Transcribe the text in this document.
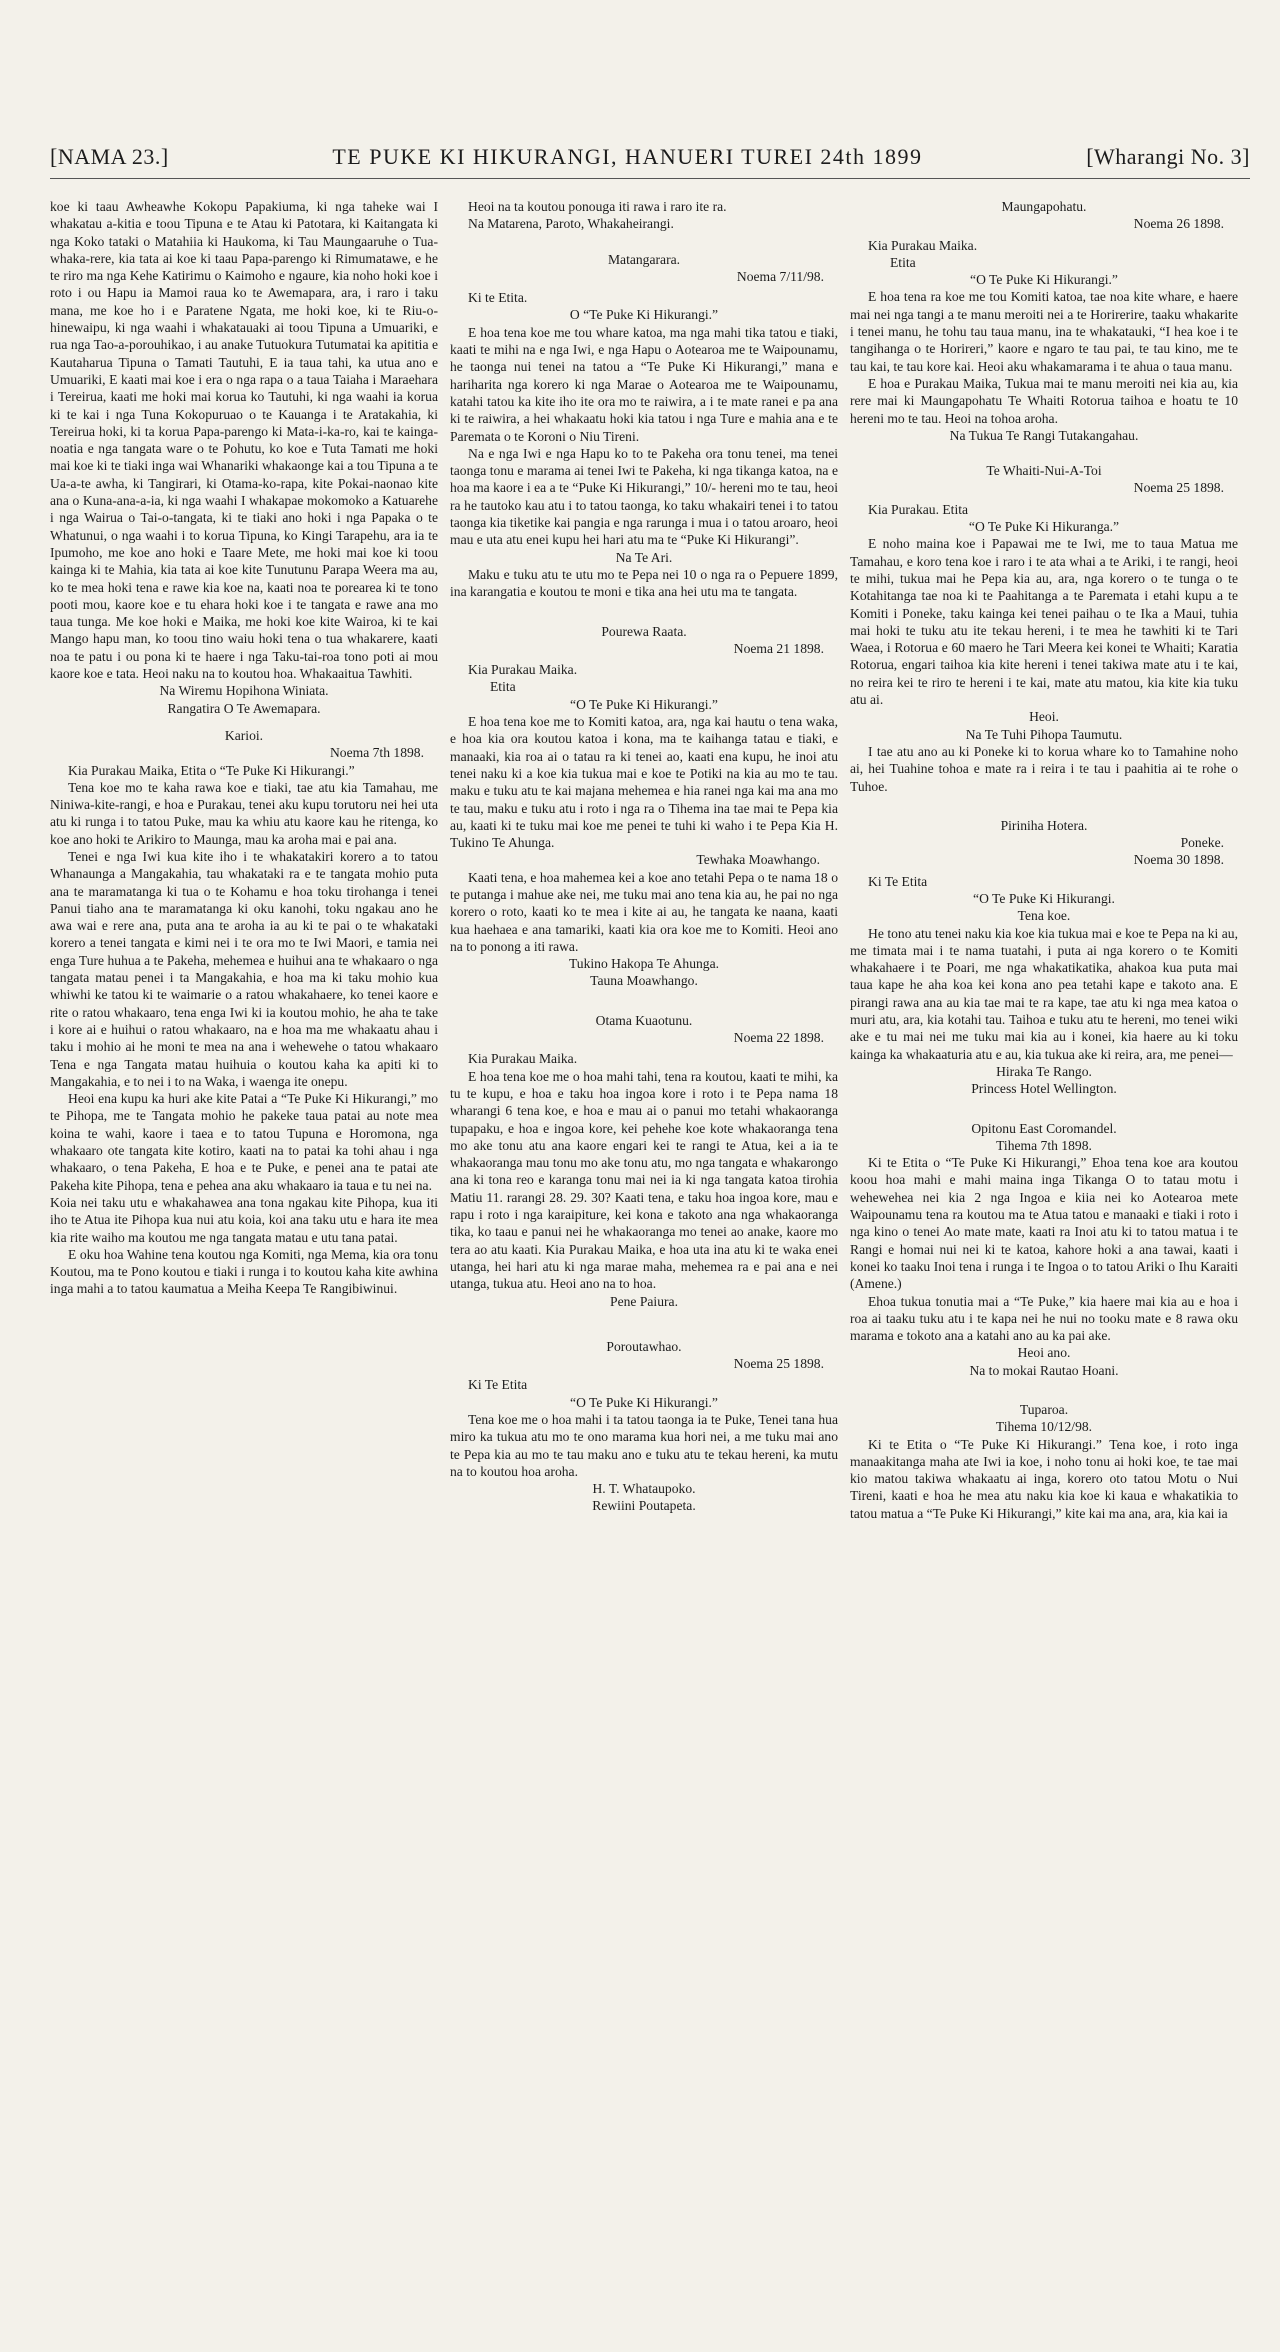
[NAMA 23.]	TE PUKE KI HIKURANGI, HANUERI TUREI 24th 1899	[Wharangi No. 3]

koe ki taau Awheawhe Kokopu Papakiuma, ki nga taheke wai I whakatau a-kitia e toou Tipuna e te Atau ki Patotara, ki Kaitangata ki nga Koko tataki o Matahiia ki Haukoma, ki Tau Maungaaruhe o Tua-whaka-rere, kia tata ai koe ki taau Papa-parengo ki Rimumatawe, e he te riro ma nga Kehe Katirimu o Kaimoho e ngaure, kia noho hoki koe i roto i ou Hapu ia Mamoi raua ko te Awemapara, ara, i raro i taku mana, me koe ho i e Paratene Ngata, me hoki koe, ki te Riu-o-hinewaipu, ki nga waahi i whakatauaki ai toou Tipuna a Umuariki, e rua nga Tao-a-porouhikao, i au anake Tutuokura Tutumatai ka apititia e Kautaharua Tipuna o Tamati Tautuhi, E ia taua tahi, ka utua ano e Umuariki, E kaati mai koe i era o nga rapa o a taua Taiaha i Maraehara i Tereirua, kaati me hoki mai korua ko Tautuhi, ki nga waahi ia korua ki te kai i nga Tuna Kokopuruao o te Kauanga i te Aratakahia, ki Tereirua hoki, ki ta korua Papa-parengo ki Mata-i-ka-ro, kai te kainga-noatia e nga tangata ware o te Pohutu, ko koe e Tuta Tamati me hoki mai koe ki te tiaki inga wai Whanariki whakaonge kai a tou Tipuna a te Ua-a-te awha, ki Tangirari, ki Otama-ko-rapa, kite Pokai-naonao kite ana o Kuna-ana-a-ia, ki nga waahi I whakapae mokomoko a Katuarehe i nga Wairua o Tai-o-tangata, ki te tiaki ano hoki i nga Papaka o te Whatunui, o nga waahi i to korua Tipuna, ko Kingi Tarapehu, ara ia te Ipumoho, me koe ano hoki e Taare Mete, me hoki mai koe ki toou kainga ki te Mahia, kia tata ai koe kite Tunutunu Parapa Weera ma au, ko te mea hoki tena e rawe kia koe na, kaati noa te porearea ki te tono pooti mou, kaore koe e tu ehara hoki koe i te tangata e rawe ana mo taua tunga. Me koe hoki e Maika, me hoki koe kite Wairoa, ki te kai Mango hapu man, ko toou tino waiu hoki tena o tua whakarere, kaati noa te patu i ou pona ki te haere i nga Taku-tai-roa tono poti ai mou kaore koe e tata. Heoi naku na to koutou hoa. Whakaaitua Tawhiti.

Na Wiremu Hopihona Winiata.

Rangatira O Te Awemapara.

Karioi.

Noema 7th 1898.

Kia Purakau Maika, Etita o “Te Puke Ki Hikurangi.”

Tena koe mo te kaha rawa koe e tiaki, tae atu kia Tamahau, me Niniwa-kite-rangi, e hoa e Purakau, tenei aku kupu torutoru nei hei uta atu ki runga i to tatou Puke, mau ka whiu atu kaore kau he ritenga, ko koe ano hoki te Arikiro to Maunga, mau ka aroha mai e pai ana.

Tenei e nga Iwi kua kite iho i te whakatakiri korero a to tatou Whanaunga a Mangakahia, tau whakataki ra e te tangata mohio puta ana te maramatanga ki tua o te Kohamu e hoa toku tirohanga i tenei Panui tiaho ana te maramatanga ki oku kanohi, toku ngakau ano he awa wai e rere ana, puta ana te aroha ia au ki te pai o te whakataki korero a tenei tangata e kimi nei i te ora mo te Iwi Maori, e tamia nei enga Ture huhua a te Pakeha, mehemea e huihui ana te whakaaro o nga tangata matau penei i ta Mangakahia, e hoa ma ki taku mohio kua whiwhi ke tatou ki te waimarie o a ratou whakahaere, ko tenei kaore e rite o ratou whakaaro, tena enga Iwi ki ia koutou mohio, he aha te take i kore ai e huihui o ratou whakaaro, na e hoa ma me whakaatu ahau i taku i mohio ai he moni te mea na ana i wehewehe o tatou whakaaro Tena e nga Tangata matau huihuia o koutou kaha ka apiti ki to Mangakahia, e to nei i to na Waka, i waenga ite onepu.

Heoi ena kupu ka huri ake kite Patai a “Te Puke Ki Hikurangi,” mo te Pihopa, me te Tangata mohio he pakeke taua patai au note mea koina te wahi, kaore i taea e to tatou Tupuna e Horomona, nga whakaaro ote tangata kite kotiro, kaati na to patai ka tohi ahau i nga whakaaro, o tena Pakeha, E hoa e te Puke, e penei ana te patai ate Pakeha kite Pihopa, tena e pehea ana aku whakaaro ia taua e tu nei na.

Koia nei taku utu e whakahawea ana tona ngakau kite Pihopa, kua iti iho te Atua ite Pihopa kua nui atu koia, koi ana taku utu e hara ite mea kia rite waiho ma koutou me nga tangata matau e utu tana patai.

E oku hoa Wahine tena koutou nga Komiti, nga Mema, kia ora tonu Koutou, ma te Pono koutou e tiaki i runga i to koutou kaha kite awhina inga mahi a to tatou kaumatua a Meiha Keepa Te Rangibiwinui.

Heoi na ta koutou ponouga iti rawa i raro ite ra.

Na Matarena, Paroto, Whakaheirangi.

Matangarara.

Noema 7/11/98.

Ki te Etita.

O “Te Puke Ki Hikurangi.”

E hoa tena koe me tou whare katoa, ma nga mahi tika tatou e tiaki, kaati te mihi na e nga Iwi, e nga Hapu o Aotearoa me te Waipounamu, he taonga nui tenei na tatou a “Te Puke Ki Hikurangi,” mana e hariharita nga korero ki nga Marae o Aotearoa me te Waipounamu, katahi tatou ka kite iho ite ora mo te raiwira, a i te mate ranei e pa ana ki te raiwira, a hei whakaatu hoki kia tatou i nga Ture e mahia ana e te Paremata o te Koroni o Niu Tireni.

Na e nga Iwi e nga Hapu ko to te Pakeha ora tonu tenei, ma tenei taonga tonu e marama ai tenei Iwi te Pakeha, ki nga tikanga katoa, na e hoa ma kaore i ea a te “Puke Ki Hikurangi,” 10/- hereni mo te tau, heoi ra he tautoko kau atu i to tatou taonga, ko taku whakairi tenei i to tatou taonga kia tiketike kai pangia e nga rarunga i mua i o tatou aroaro, heoi mau e uta atu enei kupu hei hari atu ma te “Puke Ki Hikurangi”.

Na Te Ari.

Maku e tuku atu te utu mo te Pepa nei 10 o nga ra o Pepuere 1899, ina karangatia e koutou te moni e tika ana hei utu ma te tangata.

Pourewa Raata.

Noema 21 1898.

Kia Purakau Maika.

Etita

“O Te Puke Ki Hikurangi.”

E hoa tena koe me to Komiti katoa, ara, nga kai hautu o tena waka, e hoa kia ora koutou katoa i kona, ma te kaihanga tatau e tiaki, e manaaki, kia roa ai o tatau ra ki tenei ao, kaati ena kupu, he inoi atu tenei naku ki a koe kia tukua mai e koe te Potiki na kia au mo te tau. maku e tuku atu te kai majana mehemea e hia ranei nga kai ma ana mo te tau, maku e tuku atu i roto i nga ra o Tihema ina tae mai te Pepa kia au, kaati ki te tuku mai koe me penei te tuhi ki waho i te Pepa Kia H. Tukino Te Ahunga.

Tewhaka Moawhango.

Kaati tena, e hoa mahemea kei a koe ano tetahi Pepa o te nama 18 o te putanga i mahue ake nei, me tuku mai ano tena kia au, he pai no nga korero o roto, kaati ko te mea i kite ai au, he tangata ke naana, kaati kua haehaea e ana tamariki, kaati kia ora koe me to Komiti. Heoi ano na to ponong a iti rawa.

Tukino Hakopa Te Ahunga.

Tauna Moawhango.

Otama Kuaotunu.

Noema 22 1898.

Kia Purakau Maika.

E hoa tena koe me o hoa mahi tahi, tena ra koutou, kaati te mihi, ka tu te kupu, e hoa e taku hoa ingoa kore i roto i te Pepa nama 18 wharangi 6 tena koe, e hoa e mau ai o panui mo tetahi whakaoranga tupapaku, e hoa e ingoa kore, kei pehehe koe kote whakaoranga tena mo ake tonu atu ana kaore engari kei te rangi te Atua, kei a ia te whakaoranga mau tonu mo ake tonu atu, mo nga tangata e whakarongo ana ki tona reo e karanga tonu mai nei ia ki nga tangata katoa tirohia Matiu 11. rarangi 28. 29. 30? Kaati tena, e taku hoa ingoa kore, mau e rapu i roto i nga karaipiture, kei kona e takoto ana nga whakaoranga tika, ko taau e panui nei he whakaoranga mo tenei ao anake, kaore mo tera ao atu kaati. Kia Purakau Maika, e hoa uta ina atu ki te waka enei utanga, hei hari atu ki nga marae maha, mehemea ra e pai ana e nei utanga, tukua atu. Heoi ano na to hoa.

Pene Paiura.

Poroutawhao.

Noema 25 1898.

Ki Te Etita

“O Te Puke Ki Hikurangi.”

Tena koe me o hoa mahi i ta tatou taonga ia te Puke, Tenei tana hua miro ka tukua atu mo te ono marama kua hori nei, a me tuku mai ano te Pepa kia au mo te tau maku ano e tuku atu te tekau hereni, ka mutu na to koutou hoa aroha.

H. T. Whataupoko.

Rewiini Poutapeta.

Maungapohatu.

Noema 26 1898.

Kia Purakau Maika.

Etita

“O Te Puke Ki Hikurangi.”

E hoa tena ra koe me tou Komiti katoa, tae noa kite whare, e haere mai nei nga tangi a te manu meroiti nei a te Horirerire, taaku whakarite i tenei manu, he tohu tau taua manu, ina te whakatauki, “I hea koe i te tangihanga o te Horireri,” kaore e ngaro te tau pai, te tau kino, me te tau kai, te tau kore kai. Heoi aku whakamarama i te ahua o taua manu.

E hoa e Purakau Maika, Tukua mai te manu meroiti nei kia au, kia rere mai ki Maungapohatu Te Whaiti Rotorua taihoa e hoatu te 10 hereni mo te tau. Heoi na tohoa aroha.

Na Tukua Te Rangi Tutakangahau.

Te Whaiti-Nui-A-Toi

Noema 25 1898.

Kia Purakau. Etita

“O Te Puke Ki Hikuranga.”

E noho maina koe i Papawai me te Iwi, me to taua Matua me Tamahau, e koro tena koe i raro i te ata whai a te Ariki, i te rangi, heoi te mihi, tukua mai he Pepa kia au, ara, nga korero o te tunga o te Kotahitanga tae noa ki te Paahitanga a te Paremata i etahi kupu a te Komiti i Poneke, taku kainga kei tenei paihau o te Ika a Maui, tuhia mai hoki te tuku atu ite tekau hereni, i te mea he tawhiti ki te Tari Waea, i Rotorua e 60 maero he Tari Meera kei konei te Whaiti; Karatia Rotorua, engari taihoa kia kite hereni i tenei takiwa mate atu i te kai, no reira kei te riro te hereni i te kai, mate atu matou, kia kite kia tuku atu ai.

Heoi.

Na Te Tuhi Pihopa Taumutu.

I tae atu ano au ki Poneke ki to korua whare ko to Tamahine noho ai, hei Tuahine tohoa e mate ra i reira i te tau i paahitia ai te rohe o Tuhoe.

Piriniha Hotera.

Poneke.

Noema 30 1898.

Ki Te Etita

“O Te Puke Ki Hikurangi.

Tena koe.

He tono atu tenei naku kia koe kia tukua mai e koe te Pepa na ki au, me timata mai i te nama tuatahi, i puta ai nga korero o te Komiti whakahaere i te Poari, me nga whakatikatika, ahakoa kua puta mai taua kape he aha koa kei kona ano pea tetahi kape e takoto ana. E pirangi rawa ana au kia tae mai te ra kape, tae atu ki nga mea katoa o muri atu, ara, kia kotahi tau. Taihoa e tuku atu te hereni, mo tenei wiki ake e tu mai nei me tuku mai kia au i konei, kia haere au ki toku kainga ka whakaaturia atu e au, kia tukua ake ki reira, ara, me penei—

Hiraka Te Rango.

Princess Hotel Wellington.

Opitonu East Coromandel.

Tihema 7th 1898.

Ki te Etita o “Te Puke Ki Hikurangi,” Ehoa tena koe ara koutou koou hoa mahi e mahi maina inga Tikanga O to tatau motu i wehewehea nei kia 2 nga Ingoa e kiia nei ko Aotearoa mete Waipounamu tena ra koutou ma te Atua tatou e manaaki e tiaki i roto i nga kino o tenei Ao mate mate, kaati ra Inoi atu ki to tatou matua i te Rangi e homai nui nei ki te katoa, kahore hoki a ana tawai, kaati i konei ko taaku Inoi tena i runga i te Ingoa o to tatou Ariki o Ihu Karaiti (Amene.)

Ehoa tukua tonutia mai a “Te Puke,” kia haere mai kia au e hoa i roa ai taaku tuku atu i te kapa nei he nui no tooku mate e 8 rawa oku marama e tokoto ana a katahi ano au ka pai ake.

Heoi ano.

Na to mokai Rautao Hoani.

Tuparoa.

Tihema 10/12/98.

Ki te Etita o “Te Puke Ki Hikurangi.” Tena koe, i roto inga manaakitanga maha ate Iwi ia koe, i noho tonu ai hoki koe, te tae mai kio matou takiwa whakaatu ai inga, korero oto tatou Motu o Nui Tireni, kaati e hoa he mea atu naku kia koe ki kaua e whakatikia to tatou matua a “Te Puke Ki Hikurangi,” kite kai ma ana, ara, kia kai ia
